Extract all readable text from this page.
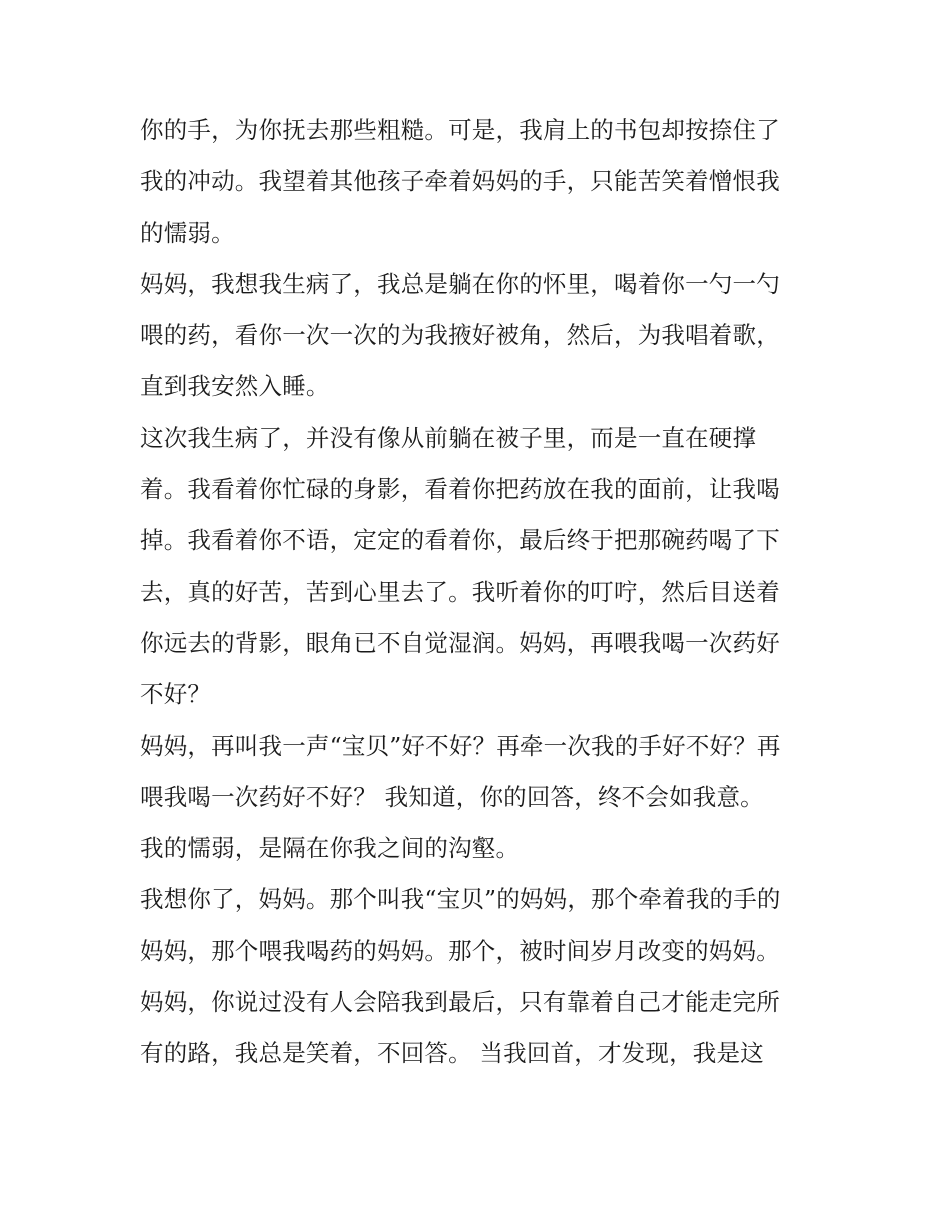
你的手，为你抚去那些粗糙。可是，我肩上的书包却按捺住了
我的冲动。我望着其他孩子牵着妈妈的手，只能苦笑着憎恨我
的懦弱。
妈妈，我想我生病了，我总是躺在你的怀里，喝着你一勺一勺
喂的药，看你一次一次的为我掖好被角，然后，为我唱着歌，
直到我安然入睡。
这次我生病了，并没有像从前躺在被子里，而是一直在硬撑
着。我看着你忙碌的身影，看着你把药放在我的面前，让我喝
掉。我看着你不语，定定的看着你，最后终于把那碗药喝了下
去，真的好苦，苦到心里去了。我听着你的叮咛，然后目送着
你远去的背影，眼角已不自觉湿润。妈妈，再喂我喝一次药好
不好？
妈妈，再叫我一声“宝贝”好不好？再牵一次我的手好不好？再
喂我喝一次药好不好？ 我知道，你的回答，终不会如我意。
我的懦弱，是隔在你我之间的沟壑。
我想你了，妈妈。那个叫我“宝贝”的妈妈，那个牵着我的手的
妈妈，那个喂我喝药的妈妈。那个，被时间岁月改变的妈妈。
妈妈，你说过没有人会陪我到最后，只有靠着自己才能走完所
有的路，我总是笑着，不回答。 当我回首，才发现，我是这
